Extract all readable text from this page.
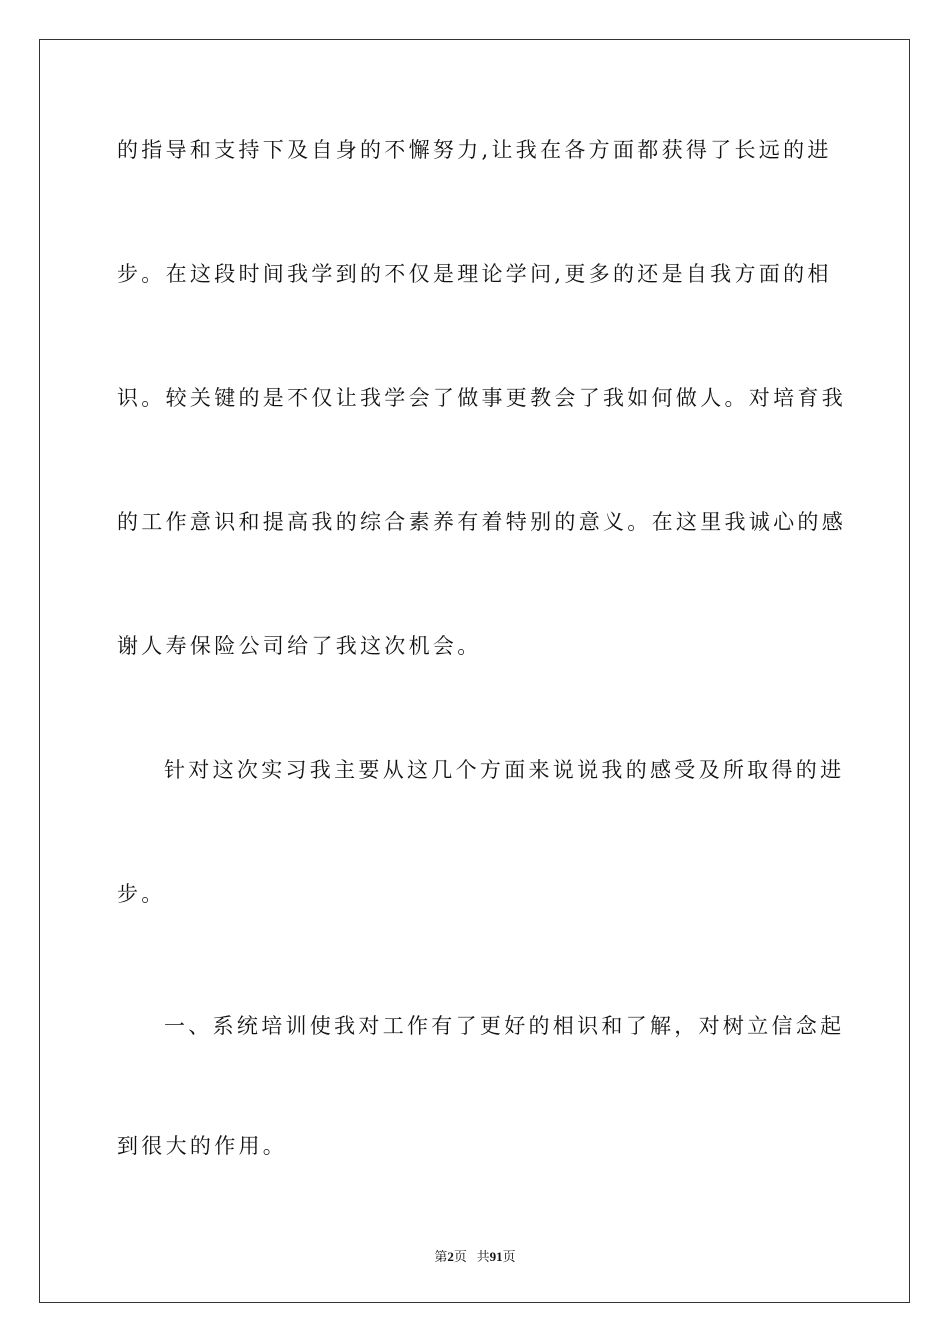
的指导和支持下及自身的不懈努力,让我在各方面都获得了长远的进
步。在这段时间我学到的不仅是理论学问,更多的还是自我方面的相
识。较关键的是不仅让我学会了做事更教会了我如何做人。对培育我
的工作意识和提高我的综合素养有着特别的意义。在这里我诚心的感
谢人寿保险公司给了我这次机会。
针对这次实习我主要从这几个方面来说说我的感受及所取得的进
步。
一、系统培训使我对工作有了更好的相识和了解，对树立信念起
到很大的作用。
第2页 共91页
